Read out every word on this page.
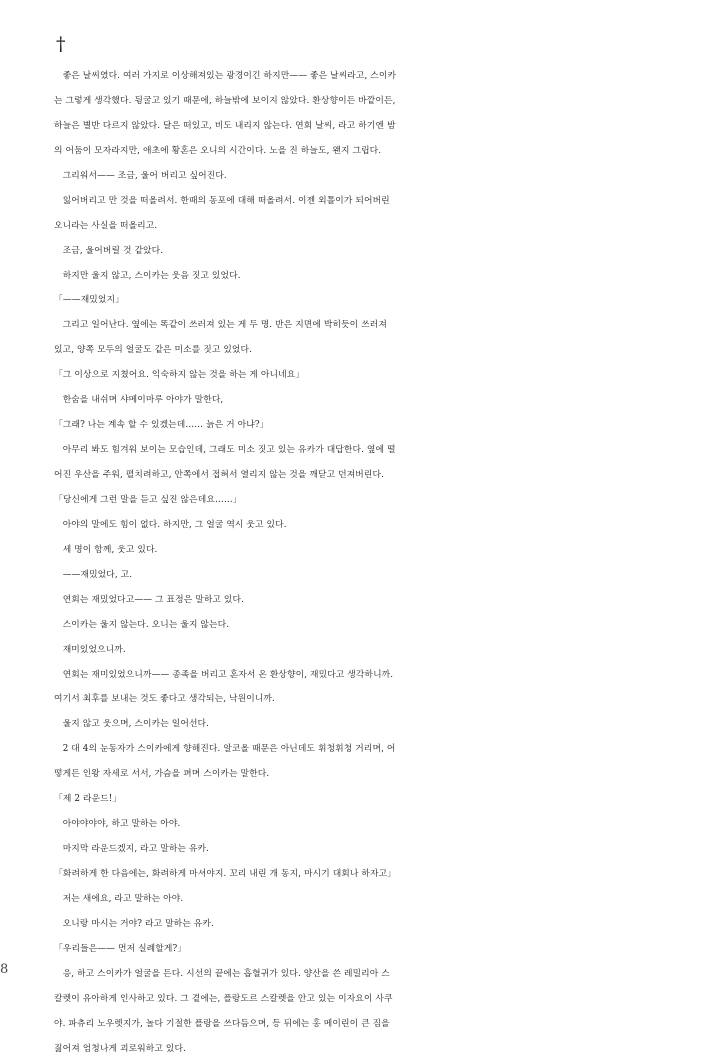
†
좋은 날씨였다. 여러 가지로 이상해져있는 광경이긴 하지만—— 좋은 날씨라고, 스이카
는 그렇게 생각했다. 뒹굴고 있기 때문에, 하늘밖에 보이지 않았다. 환상향이든 바깥이든,
하늘은 별반 다르지 않았다. 달은 떠있고, 비도 내리지 않는다. 연회 날씨, 라고 하기엔 밤
의 어둠이 모자라지만, 애초에 황혼은 오니의 시간이다. 노을 진 하늘도, 왠지 그립다.
그리워서—— 조금, 울어 버리고 싶어진다.
잃어버리고 만 것을 떠올려서. 한때의 동포에 대해 떠올려서. 이젠 외톨이가 되어버린
오니라는 사실을 떠올리고.
조금, 울어버릴 것 같았다.
하지만 울지 않고, 스이카는 웃음 짓고 있었다.
「——재밌었지」
그리고 일어난다. 옆에는 똑같이 쓰러져 있는 게 두 명. 반은 지면에 박히듯이 쓰러져
있고, 양쪽 모두의 얼굴도 같은 미소를 짓고 있었다.
「그 이상으로 지쳤어요. 익숙하지 않는 것을 하는 게 아니네요」
한숨을 내쉬며 샤메이마루 아야가 말한다,
「그래? 나는 계속 할 수 있겠는데…… 늙은 거 아냐?」
아무리 봐도 힘겨워 보이는 모습인데, 그래도 미소 짓고 있는 유카가 대답한다. 옆에 떨
어진 우산을 주워, 펼치려하고, 안쪽에서 접혀서 열리지 않는 것을 깨닫고 던져버린다.
「당신에게 그런 말을 듣고 싶진 않은데요……」
아야의 말에도 힘이 없다. 하지만, 그 얼굴 역시 웃고 있다.
세 명이 함께, 웃고 있다.
——재밌었다, 고.
연회는 재밌었다고—— 그 표정은 말하고 있다.
스이카는 울지 않는다. 오니는 울지 않는다.
재미있었으니까.
연회는 재미있었으니까—— 종족을 버리고 혼자서 온 환상향이, 재밌다고 생각하니까.
여기서 최후를 보내는 것도 좋다고 생각되는, 낙원이니까.
울지 않고 웃으며, 스이카는 일어선다.
2 대 4의 눈동자가 스이카에게 향해진다. 알코올 때문은 아닌데도 휘청휘청 거리며, 어
떻게든 인왕 자세로 서서, 가슴을 펴며 스이카는 말한다.
「제 2 라운드!」
아야야야야, 하고 말하는 아야.
마지막 라운드겠지, 라고 말하는 유카.
「화려하게 한 다음에는, 화려하게 마셔야지. 꼬리 내린 개 동지, 마시기 대회나 하자고」
저는 새에요, 라고 말하는 아야.
오니랑 마시는 거야? 라고 말하는 유카.
「우리들은—— 먼저 실례할게?」
응, 하고 스이카가 얼굴을 든다. 시선의 끝에는 흡혈귀가 있다. 양산을 쓴 레밀리아 스
칼렛이 유아하게 인사하고 있다. 그 곁에는, 플랑도르 스칼렛을 안고 있는 이자요이 사쿠
야. 파츄리 노우렛지가, 놀다 기절한 플랑을 쓰다듬으며, 등 뒤에는 홍 메이린이 큰 짐을
짊어져 엄청나게 괴로워하고 있다.
8
